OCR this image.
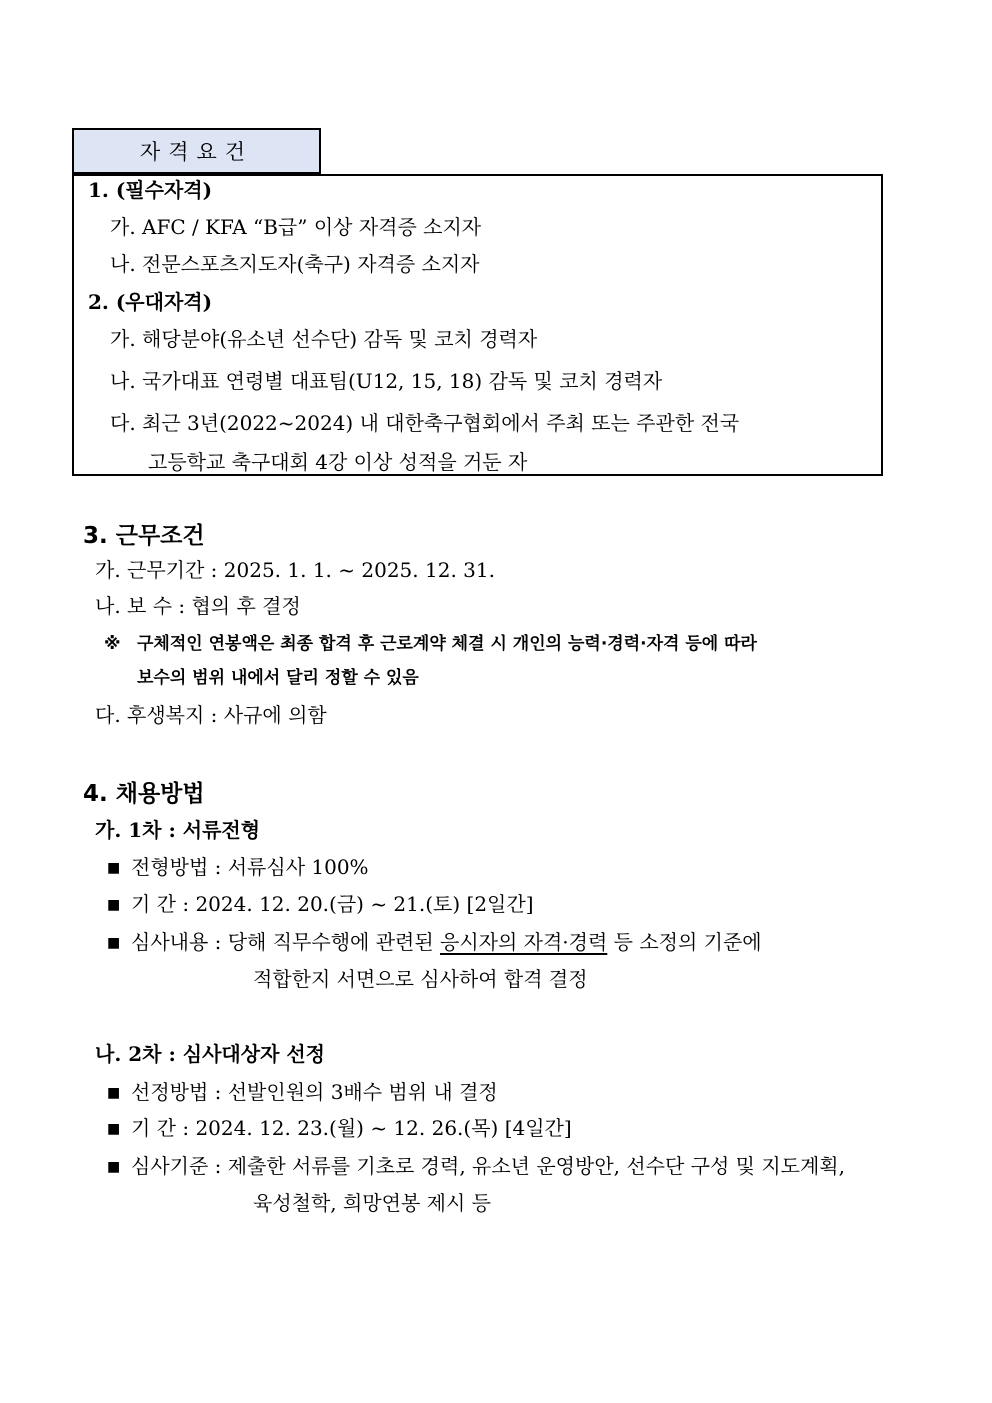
자격요건
1. (필수자격)
가. AFC / KFA “B급” 이상 자격증 소지자
나. 전문스포츠지도자(축구) 자격증 소지자
2. (우대자격)
가. 해당분야(유소년 선수단) 감독 및 코치 경력자
나. 국가대표 연령별 대표팀(U12, 15, 18) 감독 및 코치 경력자
다. 최근 3년(2022~2024) 내 대한축구협회에서 주최 또는 주관한 전국
고등학교 축구대회 4강 이상 성적을 거둔 자
3. 근무조건
가. 근무기간 : 2025. 1. 1. ~ 2025. 12. 31.
나. 보 수 : 협의 후 결정
※ 구체적인 연봉액은 최종 합격 후 근로계약 체결 시 개인의 능력·경력·자격 등에 따라
보수의 범위 내에서 달리 정할 수 있음
다. 후생복지 : 사규에 의함
4. 채용방법
가. 1차 : 서류전형
■ 전형방법 : 서류심사 100%
■ 기 간 : 2024. 12. 20.(금) ~ 21.(토) [2일간]
■ 심사내용 : 당해 직무수행에 관련된 응시자의 자격·경력 등 소정의 기준에
적합한지 서면으로 심사하여 합격 결정
나. 2차 : 심사대상자 선정
■ 선정방법 : 선발인원의 3배수 범위 내 결정
■ 기 간 : 2024. 12. 23.(월) ~ 12. 26.(목) [4일간]
■ 심사기준 : 제출한 서류를 기초로 경력, 유소년 운영방안, 선수단 구성 및 지도계획,
육성철학, 희망연봉 제시 등
